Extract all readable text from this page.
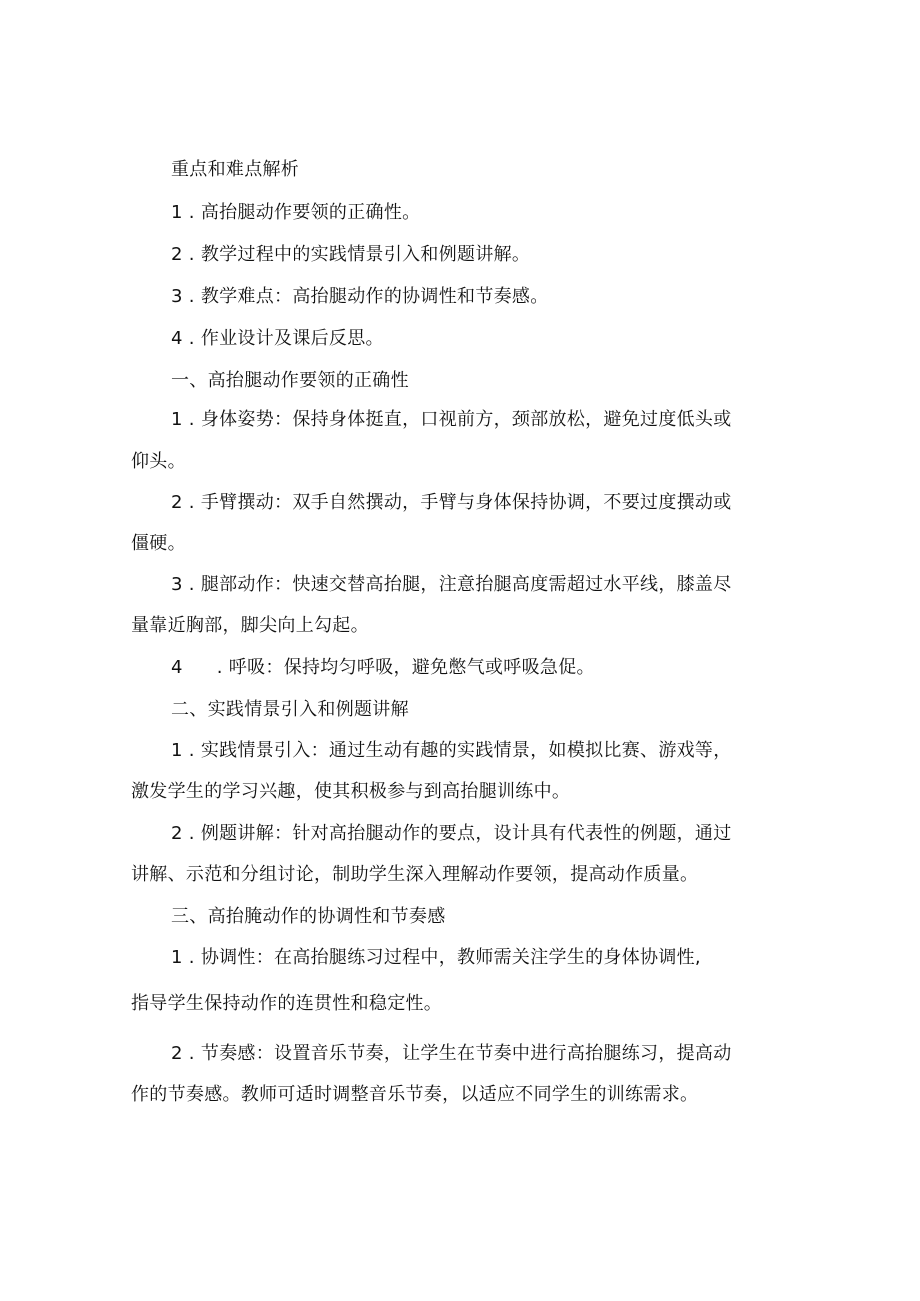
重点和难点解析

1 . 高抬腿动作要领的正确性。

2 . 教学过程中的实践情景引入和例题讲解。

3 . 教学难点：高抬腿动作的协调性和节奏感。

4 . 作业设计及课后反思。

一、高抬腿动作要领的正确性

1 . 身体姿势：保持身体挺直，口视前方，颈部放松，避免过度低头或

仰头。

2 . 手臂撰动：双手自然撰动，手臂与身体保持协调，不要过度撰动或

僵硬。

3 . 腿部动作：快速交替高抬腿，注意抬腿高度需超过水平线，膝盖尽

量靠近胸部，脚尖向上勾起。

4 . 呼吸：保持均匀呼吸，避免憋气或呼吸急促。

二、实践情景引入和例题讲解

1 . 实践情景引入：通过生动有趣的实践情景，如模拟比赛、游戏等，

激发学生的学习兴趣，使其积极参与到高抬腿训练中。

2 . 例题讲解：针对高抬腿动作的要点，设计具有代表性的例题，通过

讲解、示范和分组讨论，制助学生深入理解动作要领，提高动作质量。

三、高抬腌动作的协调性和节奏感

1 . 协调性：在高抬腿练习过程中，教师需关注学生的身体协调性,

指导学生保持动作的连贯性和稳定性。

2 . 节奏感：设置音乐节奏，让学生在节奏中进行高抬腿练习，提高动

作的节奏感。教师可适时调整音乐节奏，以适应不同学生的训练需求。
